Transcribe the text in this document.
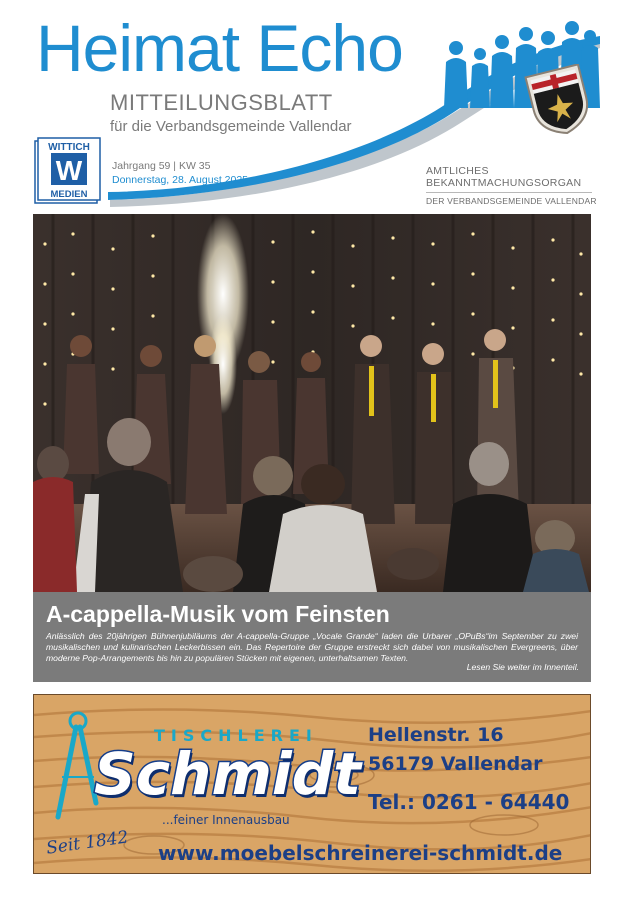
Heimat Echo
MITTEILUNGSBLATT
für die Verbandsgemeinde Vallendar
WITTICH
W
MEDIEN
Jahrgang 59 | KW 35
Donnerstag, 28. August 2025
AMTLICHES
BEKANNTMACHUNGSORGAN
DER VERBANDSGEMEINDE VALLENDAR
A-cappella-Musik vom Feinsten
Anlässlich des 20jährigen Bühnenjubiläums der A-cappella-Gruppe „Vocale Grande“ laden die Urbarer „OPuBs“im September zu zwei musikalischen und kulinarischen Leckerbissen ein. Das Repertoire der Gruppe erstreckt sich dabei von musikalischen Evergreens, über moderne Pop-Arrangements bis hin zu populären Stücken mit eigenen, unterhaltsamen Texten.
Lesen Sie weiter im Innenteil.
TISCHLEREI
Schmidt
...feiner Innenausbau
Seit 1842
Hellenstr. 16
56179 Vallendar
Tel.: 0261 - 64440
www.moebelschreinerei-schmidt.de
